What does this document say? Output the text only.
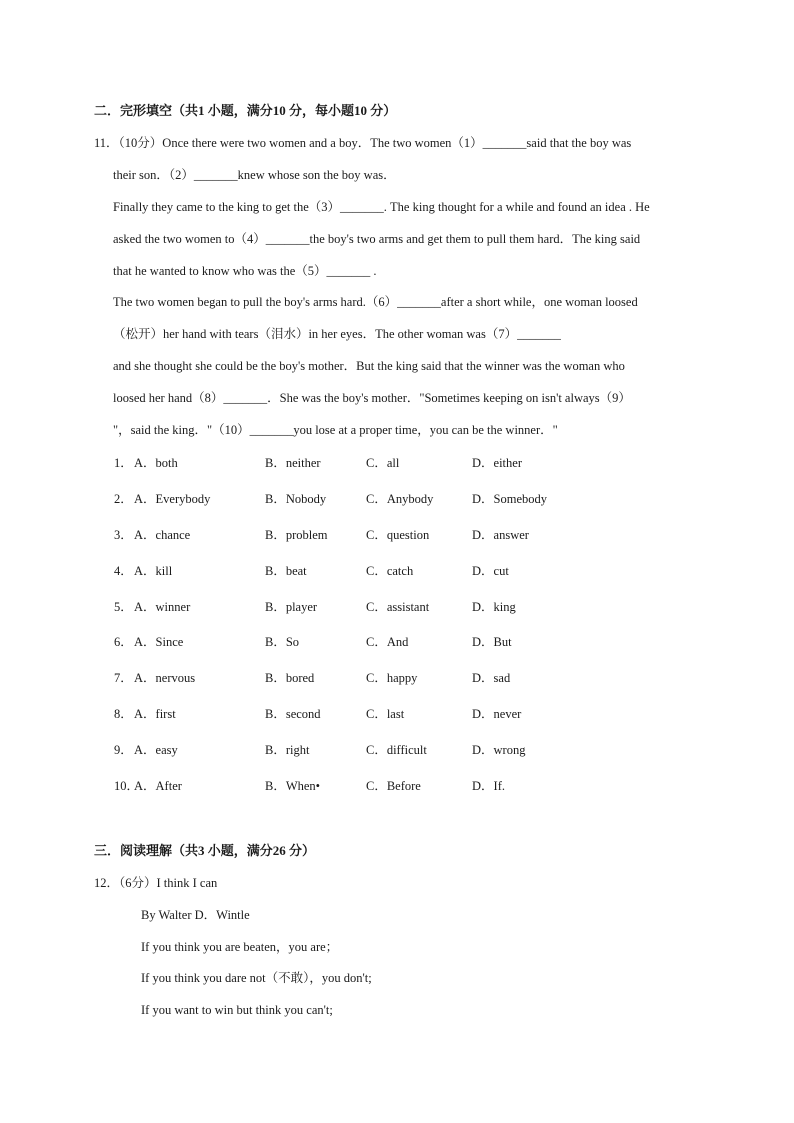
二．完形填空（共1 小题，满分10 分，每小题10 分）
11．（10分）Once there were two women and a boy．The two women（1）_______said that the boy was
their son．（2）_______knew whose son the boy was．
Finally they came to the king to get the（3）_______. The king thought for a while and found an idea . He
asked the two women to（4）_______the boy's two arms and get them to pull them hard．The king said
that he wanted to know who was the（5）_______ .
The two women began to pull the boy's arms hard.（6）_______after a short while，one woman loosed
（松开）her hand with tears（泪水）in her eyes．The other woman was（7）_______
and she thought she could be the boy's mother．But the king said that the winner was the woman who
loosed her hand（8）_______．She was the boy's mother．"Sometimes keeping on isn't always（9）
"，said the king．"（10）_______you lose at a proper time，you can be the winner．"
1． A．both	B．neither	C．all	D．either
2． A．Everybody	B．Nobody	C．Anybody	D．Somebody
3． A．chance	B．problem	C．question	D．answer
4． A．kill	B．beat	C．catch	D．cut
5． A．winner	B．player	C．assistant	D．king
6． A．Since	B．So	C．And	D．But
7． A．nervous	B．bored	C．happy	D．sad
8． A．first	B．second	C．last	D．never
9． A．easy	B．right	C．difficult	D．wrong
10．
A．After	B．When•	C．Before	D．If.
三．阅读理解（共3 小题，满分26 分）
12．（6分）I think I can
By Walter D．Wintle
If you think you are beaten，you are；
If you think you dare not（不敢），you don't;
If you want to win but think you can't;
